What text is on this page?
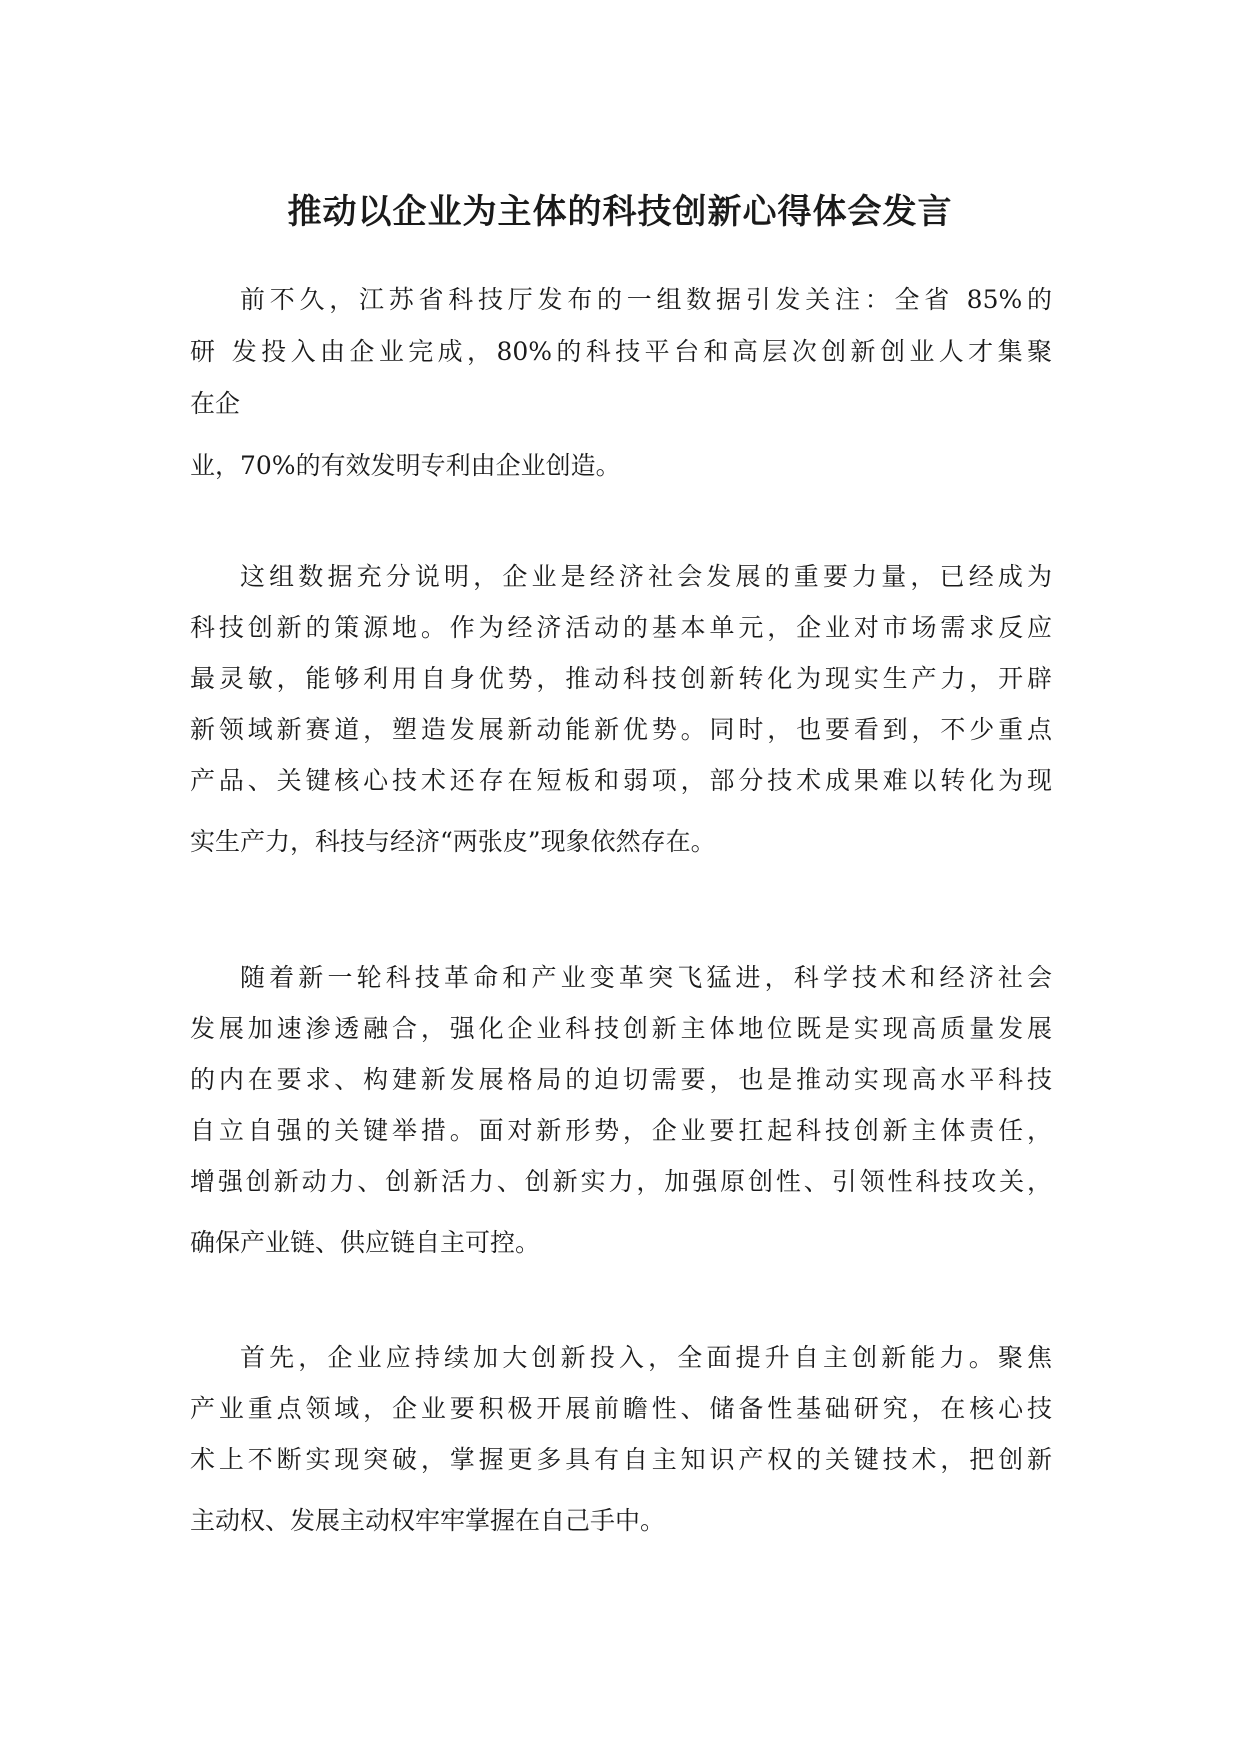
推动以企业为主体的科技创新心得体会发言

前不久，江苏省科技厅发布的一组数据引发关注：全省 85%的

研 发投入由企业完成，80%的科技平台和高层次创新创业人才集聚

在企

业，70%的有效发明专利由企业创造。

这组数据充分说明，企业是经济社会发展的重要力量，已经成为

科技创新的策源地。作为经济活动的基本单元，企业对市场需求反应

最灵敏，能够利用自身优势，推动科技创新转化为现实生产力，开辟

新领域新赛道，塑造发展新动能新优势。同时，也要看到，不少重点

产品、关键核心技术还存在短板和弱项，部分技术成果难以转化为现

实生产力，科技与经济“两张皮”现象依然存在。

随着新一轮科技革命和产业变革突飞猛进，科学技术和经济社会

发展加速渗透融合，强化企业科技创新主体地位既是实现高质量发展

的内在要求、构建新发展格局的迫切需要，也是推动实现高水平科技

自立自强的关键举措。面对新形势，企业要扛起科技创新主体责任，

增强创新动力、创新活力、创新实力，加强原创性、引领性科技攻关，

确保产业链、供应链自主可控。

首先，企业应持续加大创新投入，全面提升自主创新能力。聚焦

产业重点领域，企业要积极开展前瞻性、储备性基础研究，在核心技

术上不断实现突破，掌握更多具有自主知识产权的关键技术，把创新

主动权、发展主动权牢牢掌握在自己手中。
